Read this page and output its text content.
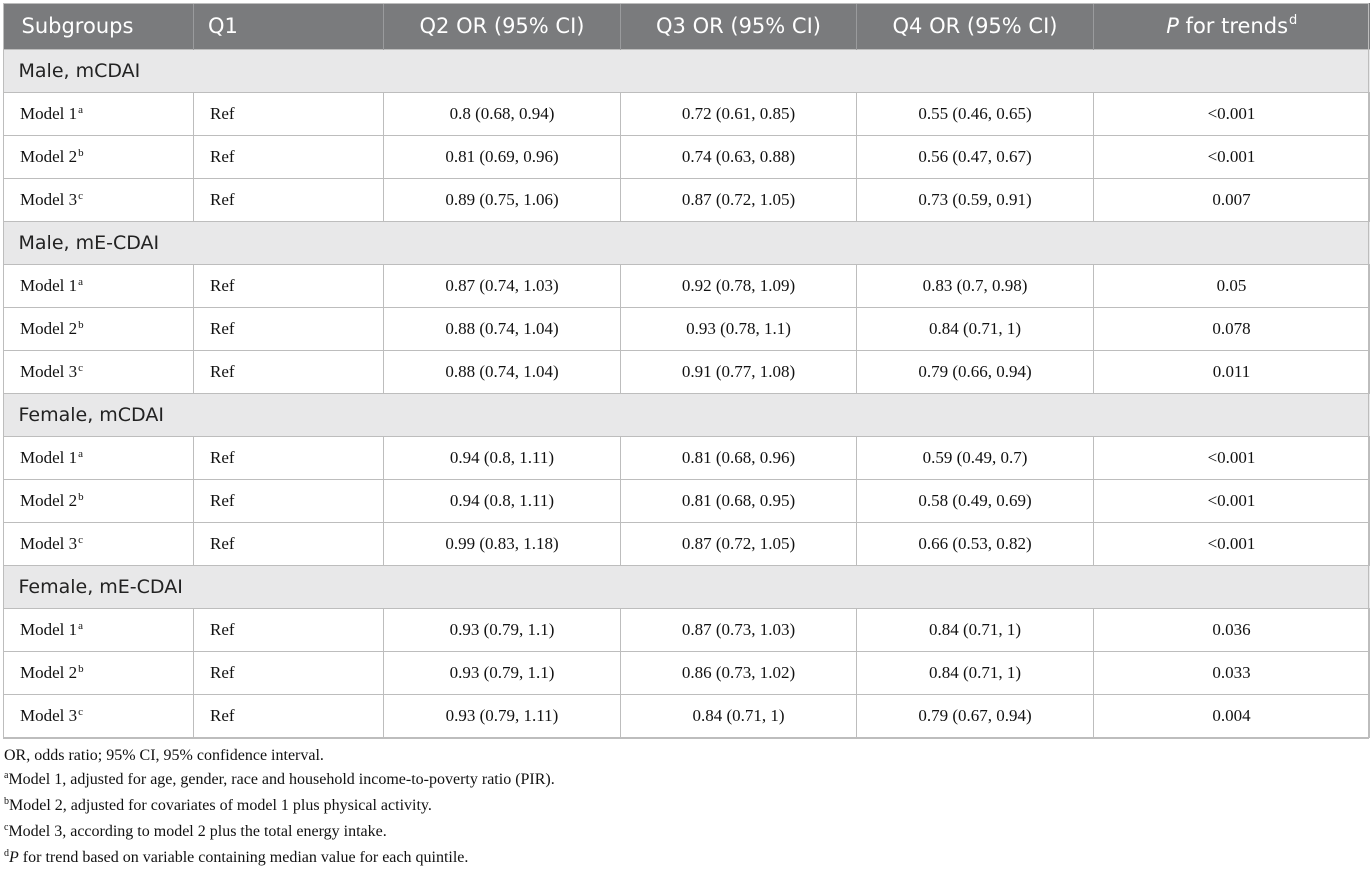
Subgroups	Q1	Q2 OR (95% CI)	Q3 OR (95% CI)	Q4 OR (95% CI)	P for trends$^d$
Male, mCDAI					
Model 1$^a$	Ref	0.8 (0.68, 0.94)	0.72 (0.61, 0.85)	0.55 (0.46, 0.65)	<0.001
Model 2$^b$	Ref	0.81 (0.69, 0.96)	0.74 (0.63, 0.88)	0.56 (0.47, 0.67)	<0.001
Model 3$^c$	Ref	0.89 (0.75, 1.06)	0.87 (0.72, 1.05)	0.73 (0.59, 0.91)	0.007
Male, mE-CDAI					
Model 1$^a$	Ref	0.87 (0.74, 1.03)	0.92 (0.78, 1.09)	0.83 (0.7, 0.98)	0.05
Model 2$^b$	Ref	0.88 (0.74, 1.04)	0.93 (0.78, 1.1)	0.84 (0.71, 1)	0.078
Model 3$^c$	Ref	0.88 (0.74, 1.04)	0.91 (0.77, 1.08)	0.79 (0.66, 0.94)	0.011
Female, mCDAI					
Model 1$^a$	Ref	0.94 (0.8, 1.11)	0.81 (0.68, 0.96)	0.59 (0.49, 0.7)	<0.001
Model 2$^b$	Ref	0.94 (0.8, 1.11)	0.81 (0.68, 0.95)	0.58 (0.49, 0.69)	<0.001
Model 3$^c$	Ref	0.99 (0.83, 1.18)	0.87 (0.72, 1.05)	0.66 (0.53, 0.82)	<0.001
Female, mE-CDAI					
Model 1$^a$	Ref	0.93 (0.79, 1.1)	0.87 (0.73, 1.03)	0.84 (0.71, 1)	0.036
Model 2$^b$	Ref	0.93 (0.79, 1.1)	0.86 (0.73, 1.02)	0.84 (0.71, 1)	0.033
Model 3$^c$	Ref	0.93 (0.79, 1.11)	0.84 (0.71, 1)	0.79 (0.67, 0.94)	0.004
OR, odds ratio; 95% CI, 95% confidence interval.
$^a$Model 1, adjusted for age, gender, race and household income-to-poverty ratio (PIR).
$^b$Model 2, adjusted for covariates of model 1 plus physical activity.
$^c$Model 3, according to model 2 plus the total energy intake.
$^d$P for trend based on variable containing median value for each quintile.
